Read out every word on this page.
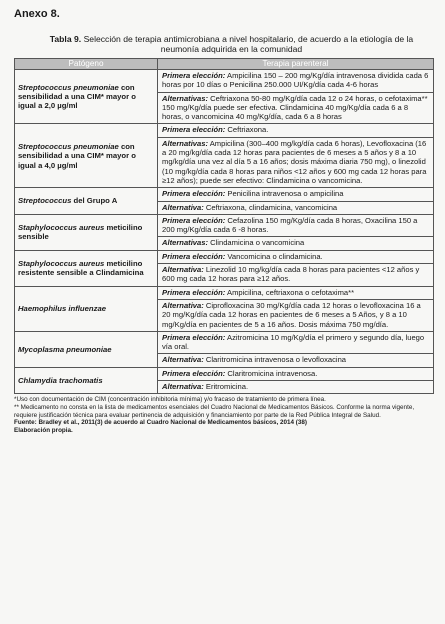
Anexo 8.
Tabla 9. Selección de terapia antimicrobiana a nivel hospitalario, de acuerdo a la etiología de la neumonía adquirida en la comunidad
Patógeno	Terapia parenteral
Streptococcus pneumoniae con sensibilidad a una CIM* mayor o igual a 2,0 µg/ml	Primera elección: Ampicilina 150 – 200 mg/Kg/día intravenosa dividida cada 6 horas por 10 días o Penicilina 250.000 UI/Kg/día cada 4-6 horas
Alternativas: Ceftriaxona 50-80 mg/Kg/día cada 12 o 24 horas, o cefotaxima** 150 mg/Kg/día puede ser efectiva. Clindamicina 40 mg/Kg/día cada 6 a 8 horas, o vancomicina 40 mg/Kg/día, cada 6 a 8 horas

Streptococcus pneumoniae con sensibilidad a una CIM* mayor o igual a 4,0 µg/ml	Primera elección: Ceftriaxona.
Alternativas: Ampicilina (300–400 mg/kg/día cada 6 horas), Levofloxacina (16 a 20 mg/kg/día cada 12 horas para pacientes de 6 meses a 5 años y 8 a 10 mg/kg/día una vez al día 5 a 16 años; dosis máxima diaria 750 mg), o linezolid (10 mg/kg/día cada 8 horas para niños <12 años y 600 mg cada 12 horas para ≥12 años); puede ser efectivo: Clindamicina o vancomicina.

Streptococcus del Grupo A	Primera elección: Penicilina intravenosa o ampicilina
Alternativa: Ceftriaxona, clindamicina, vancomicina

Staphylococcus aureus meticilino sensible	Primera elección: Cefazolina 150 mg/Kg/día cada 8 horas, Oxacilina 150 a 200 mg/Kg/día cada 6 -8 horas.
Alternativas: Clindamicina o vancomicina

Staphylococcus aureus meticilino resistente sensible a Clindamicina	Primera elección: Vancomicina o clindamicina.
Alternativa: Linezolid 10 mg/kg/día cada 8 horas para pacientes <12 años y 600 mg cada 12 horas para ≥12 años.

Haemophilus influenzae	Primera elección: Ampicilina, ceftriaxona o cefotaxima**
Alternativa: Ciprofloxacina 30 mg/Kg/día cada 12 horas o levofloxacina 16 a 20 mg/Kg/día cada 12 horas en pacientes de 6 meses a 5 Años, y 8 a 10 mg/Kg/día en pacientes de 5 a 16 años. Dosis máxima 750 mg/día.

Mycoplasma pneumoniae	Primera elección: Azitromicina 10 mg/Kg/día el primero y segundo día, luego vía oral.
Alternativa: Claritromicina intravenosa o levofloxacina

Chlamydia trachomatis	Primera elección: Claritromicina intravenosa.
Alternativa: Eritromicina.
*Uso con documentación de CIM (concentración inhibitoria mínima) y/o fracaso de tratamiento de primera línea.
** Medicamento no consta en la lista de medicamentos esenciales del Cuadro Nacional de Medicamentos Básicos. Conforme la norma vigente, requiere justificación técnica para evaluar pertinencia de adquisición y financiamiento por parte de la Red Pública Integral de Salud.
Fuente: Bradley et al., 2011(3) de acuerdo al Cuadro Nacional de Medicamentos básicos, 2014 (38)
Elaboración propia.
